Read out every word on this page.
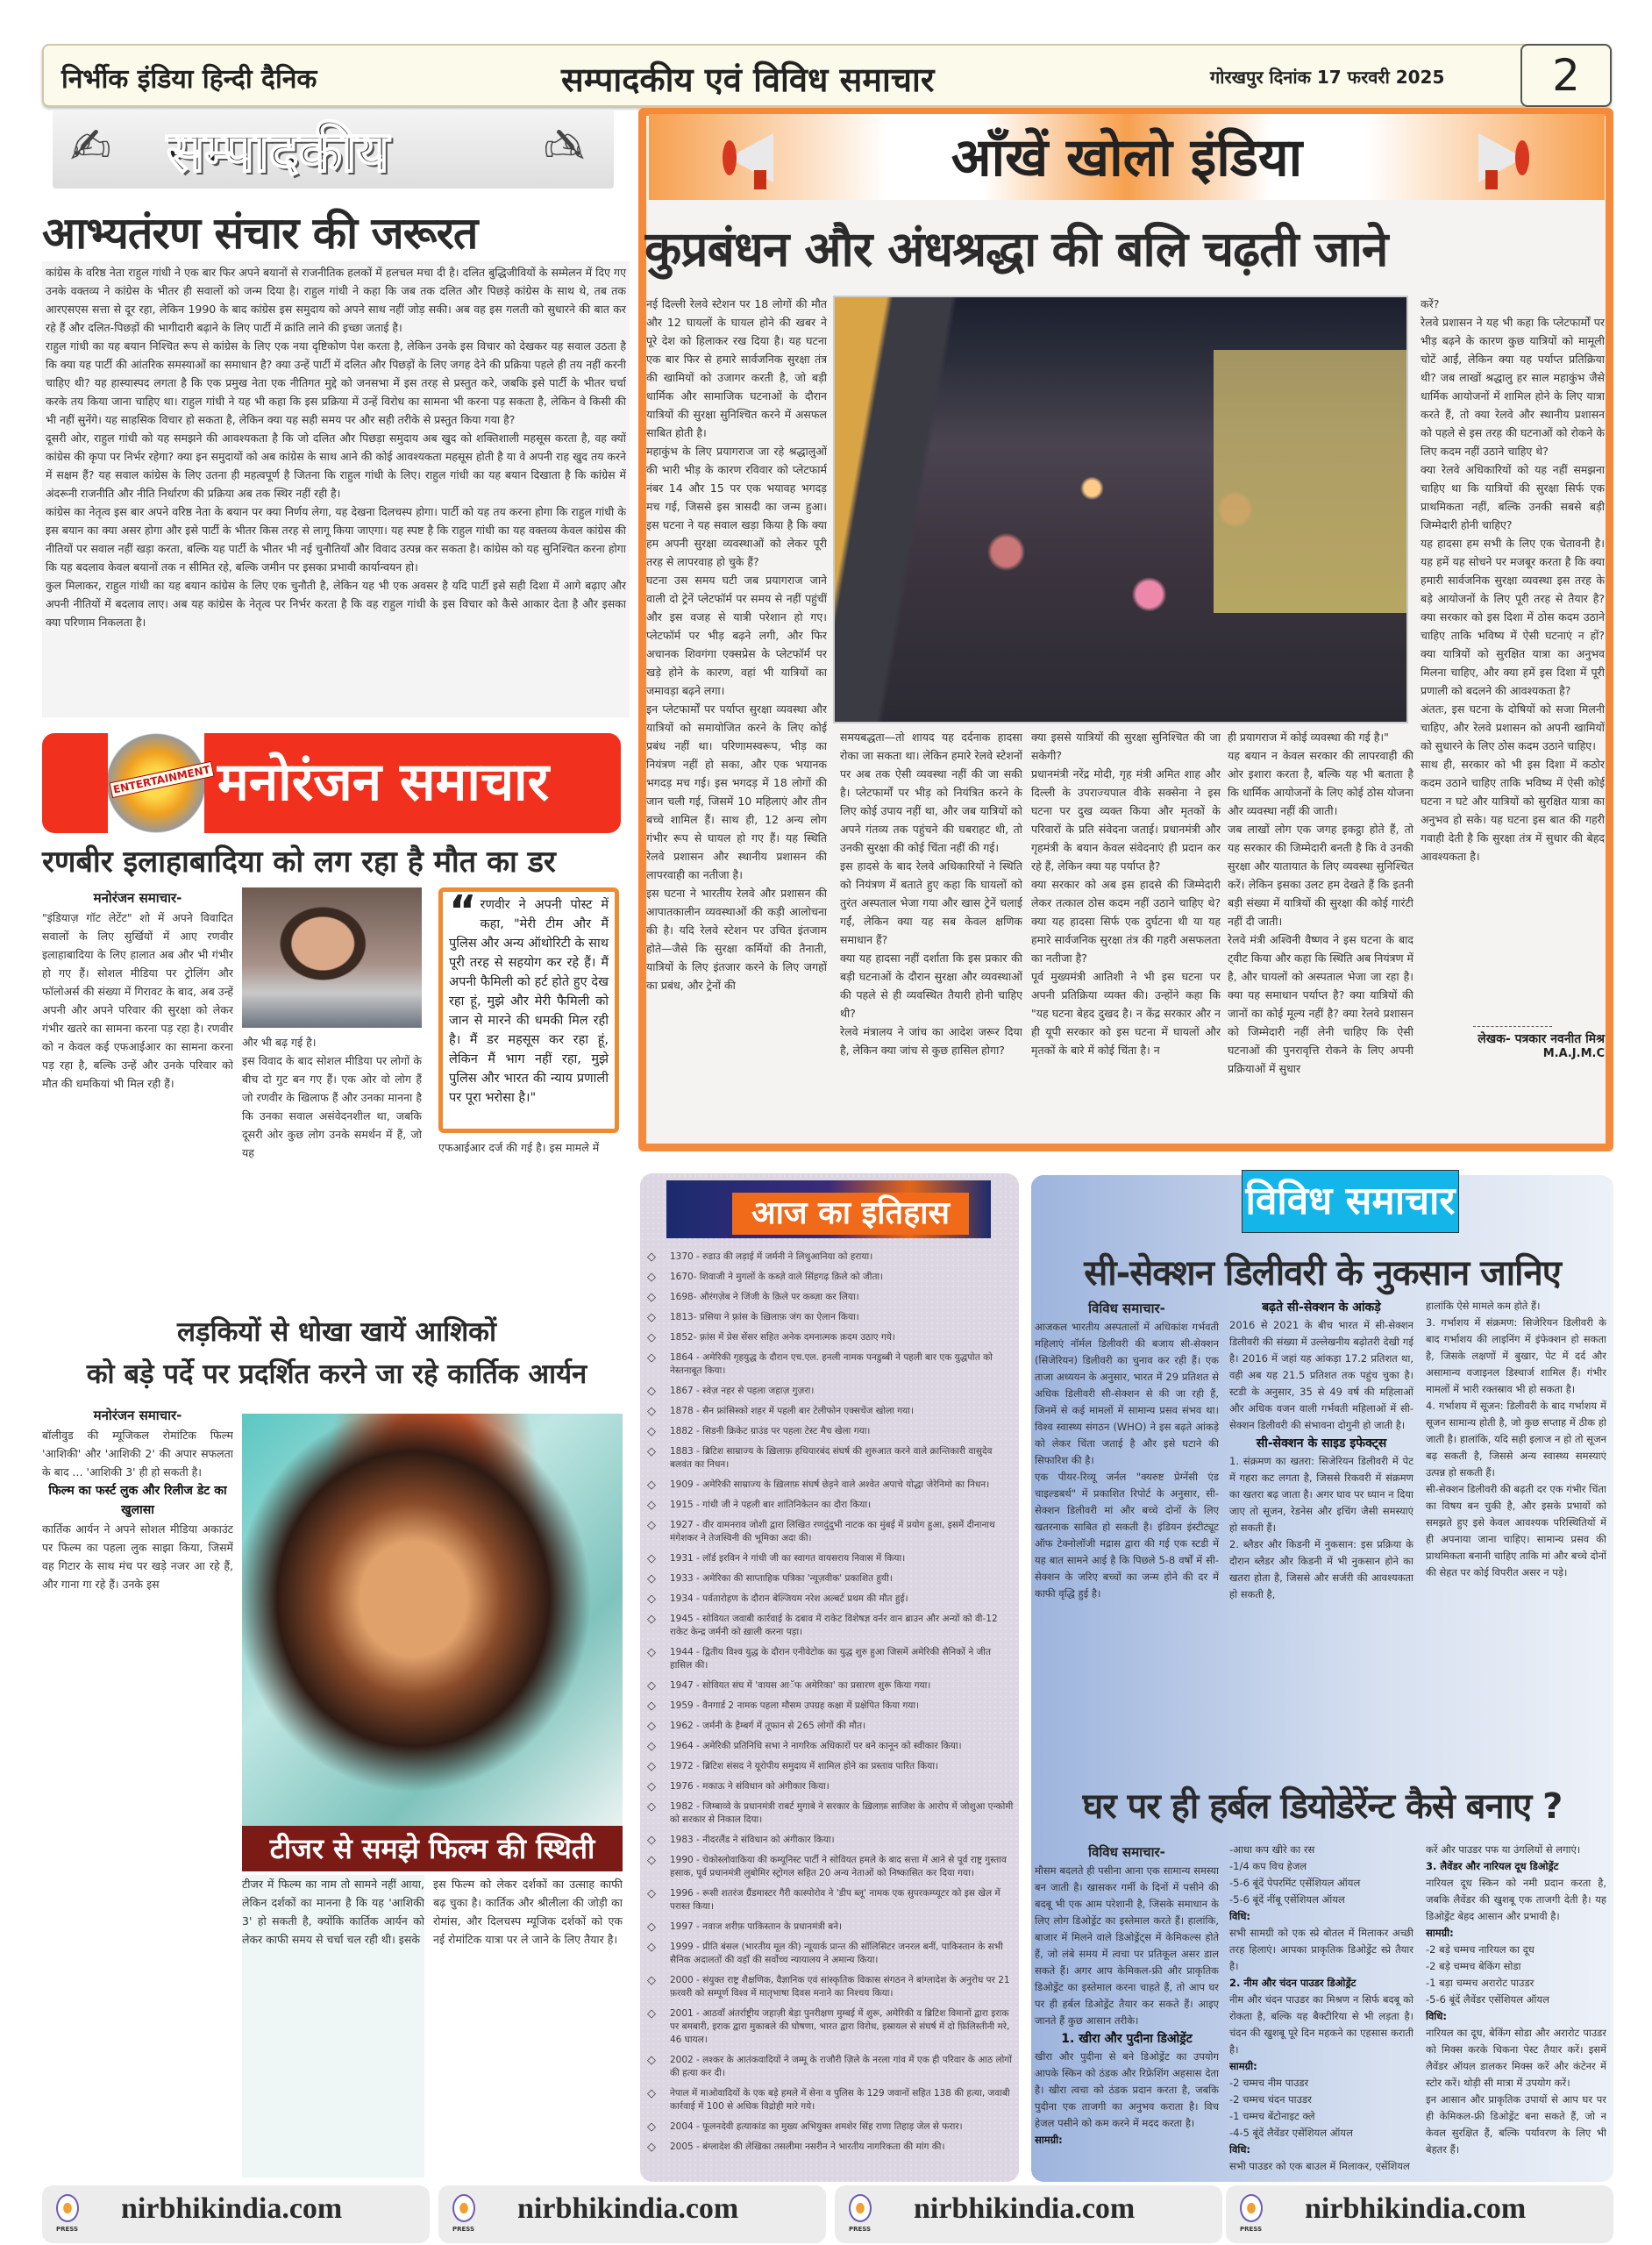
निर्भीक इंडिया हिन्दी दैनिक	सम्पादकीय एवं विविध समाचार	गोरखपुर दिनांक 17 फरवरी 2025	2
✍ सम्पादकीय	✍
आभ्यतंरण संचार की जरूरत

कांग्रेस के वरिष्ठ नेता राहुल गांधी ने एक बार फिर अपने बयानों से राजनीतिक हलकों में हलचल मचा दी है। दलित बुद्धिजीवियों के सम्मेलन में दिए गए उनके वक्तव्य ने कांग्रेस के भीतर ही सवालों को जन्म दिया है। राहुल गांधी ने कहा कि जब तक दलित और पिछड़े कांग्रेस के साथ थे, तब तक आरएसएस सत्ता से दूर रहा, लेकिन 1990 के बाद कांग्रेस इस समुदाय को अपने साथ नहीं जोड़ सकी। अब वह इस गलती को सुधारने की बात कर रहे हैं और दलित-पिछड़ों की भागीदारी बढ़ाने के लिए पार्टी में क्रांति लाने की इच्छा जताई है।

राहुल गांधी का यह बयान निश्चित रूप से कांग्रेस के लिए एक नया दृष्टिकोण पेश करता है, लेकिन उनके इस विचार को देखकर यह सवाल उठता है कि क्या यह पार्टी की आंतरिक समस्याओं का समाधान है? क्या उन्हें पार्टी में दलित और पिछड़ों के लिए जगह देने की प्रक्रिया पहले ही तय नहीं करनी चाहिए थी? यह हास्यास्पद लगता है कि एक प्रमुख नेता एक नीतिगत मुद्दे को जनसभा में इस तरह से प्रस्तुत करे, जबकि इसे पार्टी के भीतर चर्चा करके तय किया जाना चाहिए था। राहुल गांधी ने यह भी कहा कि इस प्रक्रिया में उन्हें विरोध का सामना भी करना पड़ सकता है, लेकिन वे किसी की भी नहीं सुनेंगे। यह साहसिक विचार हो सकता है, लेकिन क्या यह सही समय पर और सही तरीके से प्रस्तुत किया गया है?

दूसरी ओर, राहुल गांधी को यह समझने की आवश्यकता है कि जो दलित और पिछड़ा समुदाय अब खुद को शक्तिशाली महसूस करता है, वह क्यों कांग्रेस की कृपा पर निर्भर रहेगा? क्या इन समुदायों को अब कांग्रेस के साथ आने की कोई आवश्यकता महसूस होती है या वे अपनी राह खुद तय करने में सक्षम हैं? यह सवाल कांग्रेस के लिए उतना ही महत्वपूर्ण है जितना कि राहुल गांधी के लिए। राहुल गांधी का यह बयान दिखाता है कि कांग्रेस में अंदरूनी राजनीति और नीति निर्धारण की प्रक्रिया अब तक स्थिर नहीं रही है।

कांग्रेस का नेतृत्व इस बार अपने वरिष्ठ नेता के बयान पर क्या निर्णय लेगा, यह देखना दिलचस्प होगा। पार्टी को यह तय करना होगा कि राहुल गांधी के इस बयान का क्या असर होगा और इसे पार्टी के भीतर किस तरह से लागू किया जाएगा। यह स्पष्ट है कि राहुल गांधी का यह वक्तव्य केवल कांग्रेस की नीतियों पर सवाल नहीं खड़ा करता, बल्कि यह पार्टी के भीतर भी नई चुनौतियाँ और विवाद उत्पन्न कर सकता है। कांग्रेस को यह सुनिश्चित करना होगा कि यह बदलाव केवल बयानों तक न सीमित रहे, बल्कि जमीन पर इसका प्रभावी कार्यान्वयन हो।

कुल मिलाकर, राहुल गांधी का यह बयान कांग्रेस के लिए एक चुनौती है, लेकिन यह भी एक अवसर है यदि पार्टी इसे सही दिशा में आगे बढ़ाए और अपनी नीतियों में बदलाव लाए। अब यह कांग्रेस के नेतृत्व पर निर्भर करता है कि वह राहुल गांधी के इस विचार को कैसे आकार देता है और इसका क्या परिणाम निकलता है।

ENTERTAINMENT मनोरंजन समाचार
रणबीर इलाहाबादिया को लग रहा है मौत का डर
मनोरंजन समाचार-

"इंडियाज़ गॉट लेटेंट" शो में अपने विवादित सवालों के लिए सुर्खियों में आए रणवीर इलाहाबादिया के लिए हालात अब और भी गंभीर हो गए हैं। सोशल मीडिया पर ट्रोलिंग और फॉलोअर्स की संख्या में गिरावट के बाद, अब उन्हें अपनी और अपने परिवार की सुरक्षा को लेकर गंभीर खतरे का सामना करना पड़ रहा है। रणवीर को न केवल कई एफआईआर का सामना करना पड़ रहा है, बल्कि उन्हें और उनके परिवार को मौत की धमकियां भी मिल रही हैं।

और भी बढ़ गई है।

इस विवाद के बाद सोशल मीडिया पर लोगों के बीच दो गुट बन गए हैं। एक ओर वो लोग हैं जो रणवीर के खिलाफ हैं और उनका मानना है कि उनका सवाल असंवेदनशील था, जबकि दूसरी ओर कुछ लोग उनके समर्थन में हैं, जो यह

“ रणवीर ने अपनी पोस्ट में कहा, "मेरी टीम और मैं पुलिस और अन्य ऑथोरिटी के साथ पूरी तरह से सहयोग कर रहे हैं। मैं अपनी फैमिली को हर्ट होते हुए देख रहा हूं, मुझे और मेरी फैमिली को जान से मारने की धमकी मिल रही है। मैं डर महसूस कर रहा हूं, लेकिन मैं भाग नहीं रहा, मुझे पुलिस और भारत की न्याय प्रणाली पर पूरा भरोसा है।"

एफआईआर दर्ज की गई है। इस मामले में

लड़कियों से धोखा खायें आशिकों
को बड़े पर्दे पर प्रदर्शित करने जा रहे कार्तिक आर्यन
मनोरंजन समाचार-

बॉलीवुड की म्यूजिकल रोमांटिक फिल्म 'आशिकी' और 'आशिकी 2' की अपार सफलता के बाद ... 'आशिकी 3' ही हो सकती है।

फिल्म का फर्स्ट लुक और रिलीज डेट का खुलासा

कार्तिक आर्यन ने अपने सोशल मीडिया अकाउंट पर फिल्म का पहला लुक साझा किया, जिसमें वह गिटार के साथ मंच पर खड़े नजर आ रहे हैं, और गाना गा रहे हैं। उनके इस

टीजर से समझे फिल्म की स्थिती

टीजर में फिल्म का नाम तो सामने नहीं आया, लेकिन दर्शकों का मानना है कि यह 'आशिकी 3' हो सकती है, क्योंकि कार्तिक आर्यन को लेकर काफी समय से चर्चा चल रही थी। इसके

इस फिल्म को लेकर दर्शकों का उत्साह काफी बढ़ चुका है। कार्तिक और श्रीलीला की जोड़ी का रोमांस, और दिलचस्प म्यूजिक दर्शकों को एक नई रोमांटिक यात्रा पर ले जाने के लिए तैयार है।

आँखें खोलो इंडिया
कुप्रबंधन और अंधश्रद्धा की बलि चढ़ती जाने

नई दिल्ली रेलवे स्टेशन पर 18 लोगों की मौत और 12 घायलों के घायल होने की खबर ने पूरे देश को हिलाकर रख दिया है। यह घटना एक बार फिर से हमारे सार्वजनिक सुरक्षा तंत्र की खामियों को उजागर करती है, जो बड़ी धार्मिक और सामाजिक घटनाओं के दौरान यात्रियों की सुरक्षा सुनिश्चित करने में असफल साबित होती है।

महाकुंभ के लिए प्रयागराज जा रहे श्रद्धालुओं की भारी भीड़ के कारण रविवार को प्लेटफार्म नंबर 14 और 15 पर एक भयावह भगदड़ मच गई, जिससे इस त्रासदी का जन्म हुआ। इस घटना ने यह सवाल खड़ा किया है कि क्या हम अपनी सुरक्षा व्यवस्थाओं को लेकर पूरी तरह से लापरवाह हो चुके हैं?

घटना उस समय घटी जब प्रयागराज जाने वाली दो ट्रेनें प्लेटफॉर्म पर समय से नहीं पहुंचीं और इस वजह से यात्री परेशान हो गए। प्लेटफॉर्म पर भीड़ बढ़ने लगी, और फिर अचानक शिवगंगा एक्सप्रेस के प्लेटफॉर्म पर खड़े होने के कारण, वहां भी यात्रियों का जमावड़ा बढ़ने लगा।

इन प्लेटफार्मों पर पर्याप्त सुरक्षा व्यवस्था और यात्रियों को समायोजित करने के लिए कोई प्रबंध नहीं था। परिणामस्वरूप, भीड़ का नियंत्रण नहीं हो सका, और एक भयानक भगदड़ मच गई। इस भगदड़ में 18 लोगों की जान चली गई, जिसमें 10 महिलाएं और तीन बच्चे शामिल हैं। साथ ही, 12 अन्य लोग गंभीर रूप से घायल हो गए हैं। यह स्थिति रेलवे प्रशासन और स्थानीय प्रशासन की लापरवाही का नतीजा है।

इस घटना ने भारतीय रेलवे और प्रशासन की आपातकालीन व्यवस्थाओं की कड़ी आलोचना की है। यदि रेलवे स्टेशन पर उचित इंतजाम होते—जैसे कि सुरक्षा कर्मियों की तैनाती, यात्रियों के लिए इंतजार करने के लिए जगहों का प्रबंध, और ट्रेनों की

समयबद्धता—तो शायद यह दर्दनाक हादसा रोका जा सकता था। लेकिन हमारे रेलवे स्टेशनों पर अब तक ऐसी व्यवस्था नहीं की जा सकी है। प्लेटफार्मों पर भीड़ को नियंत्रित करने के लिए कोई उपाय नहीं था, और जब यात्रियों को अपने गंतव्य तक पहुंचने की घबराहट थी, तो उनकी सुरक्षा की कोई चिंता नहीं की गई।

इस हादसे के बाद रेलवे अधिकारियों ने स्थिति को नियंत्रण में बताते हुए कहा कि घायलों को तुरंत अस्पताल भेजा गया और खास ट्रेनें चलाई गईं, लेकिन क्या यह सब केवल क्षणिक समाधान हैं?

क्या यह हादसा नहीं दर्शाता कि इस प्रकार की बड़ी घटनाओं के दौरान सुरक्षा और व्यवस्थाओं की पहले से ही व्यवस्थित तैयारी होनी चाहिए थी?

रेलवे मंत्रालय ने जांच का आदेश जरूर दिया है, लेकिन क्या जांच से कुछ हासिल होगा?

क्या इससे यात्रियों की सुरक्षा सुनिश्चित की जा सकेगी?

प्रधानमंत्री नरेंद्र मोदी, गृह मंत्री अमित शाह और दिल्ली के उपराज्यपाल वीके सक्सेना ने इस घटना पर दुख व्यक्त किया और मृतकों के परिवारों के प्रति संवेदना जताई। प्रधानमंत्री और गृहमंत्री के बयान केवल संवेदनाएं ही प्रदान कर रहे हैं, लेकिन क्या यह पर्याप्त है?

क्या सरकार को अब इस हादसे की जिम्मेदारी लेकर तत्काल ठोस कदम नहीं उठाने चाहिए थे? क्या यह हादसा सिर्फ एक दुर्घटना थी या यह हमारे सार्वजनिक सुरक्षा तंत्र की गहरी असफलता का नतीजा है?

पूर्व मुख्यमंत्री आतिशी ने भी इस घटना पर अपनी प्रतिक्रिया व्यक्त की। उन्होंने कहा कि "यह घटना बेहद दुखद है। न केंद्र सरकार और न ही यूपी सरकार को इस घटना में घायलों और मृतकों के बारे में कोई चिंता है। न

ही प्रयागराज में कोई व्यवस्था की गई है।"

यह बयान न केवल सरकार की लापरवाही की ओर इशारा करता है, बल्कि यह भी बताता है कि धार्मिक आयोजनों के लिए कोई ठोस योजना और व्यवस्था नहीं की जाती।

जब लाखों लोग एक जगह इकट्ठा होते हैं, तो यह सरकार की जिम्मेदारी बनती है कि वे उनकी सुरक्षा और यातायात के लिए व्यवस्था सुनिश्चित करें। लेकिन इसका उलट हम देखते हैं कि इतनी बड़ी संख्या में यात्रियों की सुरक्षा की कोई गारंटी नहीं दी जाती।

रेलवे मंत्री अश्विनी वैष्णव ने इस घटना के बाद ट्वीट किया और कहा कि स्थिति अब नियंत्रण में है, और घायलों को अस्पताल भेजा जा रहा है। क्या यह समाधान पर्याप्त है? क्या यात्रियों की जानों का कोई मूल्य नहीं है? क्या रेलवे प्रशासन को जिम्मेदारी नहीं लेनी चाहिए कि ऐसी घटनाओं की पुनरावृत्ति रोकने के लिए अपनी प्रक्रियाओं में सुधार

करें?

रेलवे प्रशासन ने यह भी कहा कि प्लेटफार्मों पर भीड़ बढ़ने के कारण कुछ यात्रियों को मामूली चोटें आईं, लेकिन क्या यह पर्याप्त प्रतिक्रिया थी? जब लाखों श्रद्धालु हर साल महाकुंभ जैसे धार्मिक आयोजनों में शामिल होने के लिए यात्रा करते हैं, तो क्या रेलवे और स्थानीय प्रशासन को पहले से इस तरह की घटनाओं को रोकने के लिए कदम नहीं उठाने चाहिए थे?

क्या रेलवे अधिकारियों को यह नहीं समझना चाहिए था कि यात्रियों की सुरक्षा सिर्फ एक प्राथमिकता नहीं, बल्कि उनकी सबसे बड़ी जिम्मेदारी होनी चाहिए?

यह हादसा हम सभी के लिए एक चेतावनी है। यह हमें यह सोचने पर मजबूर करता है कि क्या हमारी सार्वजनिक सुरक्षा व्यवस्था इस तरह के बड़े आयोजनों के लिए पूरी तरह से तैयार है? क्या सरकार को इस दिशा में ठोस कदम उठाने चाहिए ताकि भविष्य में ऐसी घटनाएं न हों? क्या यात्रियों को सुरक्षित यात्रा का अनुभव मिलना चाहिए, और क्या हमें इस दिशा में पूरी प्रणाली को बदलने की आवश्यकता है?

अंततः, इस घटना के दोषियों को सजा मिलनी चाहिए, और रेलवे प्रशासन को अपनी खामियों को सुधारने के लिए ठोस कदम उठाने चाहिए।

साथ ही, सरकार को भी इस दिशा में कठोर कदम उठाने चाहिए ताकि भविष्य में ऐसी कोई घटना न घटे और यात्रियों को सुरक्षित यात्रा का अनुभव हो सके। यह घटना इस बात की गहरी गवाही देती है कि सुरक्षा तंत्र में सुधार की बेहद आवश्यकता है।

लेखक- पत्रकार नवनीत मिश्र
M.A.J.M.C
आज का इतिहास
◇ 1370 - रुडाउ की लड़ाई में जर्मनी ने लिथुआनिया को हराया।
◇ 1670- शिवाजी ने मुगलों के कब्ज़े वाले सिंहगढ़ क़िले को जीता।
◇ 1698- औरंगज़ेब ने जिंजी के क़िले पर कब्ज़ा कर लिया।
◇ 1813- प्रसिया ने फ़्रांस के ख़िलाफ़ जंग का ऐलान किया।
◇ 1852- फ़्रांस में प्रेस सेंसर सहित अनेक दमनात्मक क़दम उठाए गये।
◇ 1864 - अमेरिकी गृहयुद्ध के दौरान एच.एल. हनली नामक पनडुब्बी ने पहली बार एक युद्धपोत को नेस्तनाबूत किया।
◇ 1867 - स्वेज़ नहर से पहला जहाज़ गुज़रा।
◇ 1878 - सैन फ्रांसिस्को शहर में पहली बार टेलीफोन एक्सचेंज खोला गया।
◇ 1882 - सिडनी क्रिकेट ग्राउंड पर पहला टेस्ट मैच खेला गया।
◇ 1883 - ब्रिटिश साम्राज्य के ख़िलाफ़ हथियारबंद संघर्ष की शुरुआत करने वाले क्रान्तिकारी वासुदेव बलवंत का निधन।
◇ 1909 - अमेरिकी साम्राज्य के ख़िलाफ़ संघर्ष छेड़ने वाले अश्वेत अपाचे योद्धा जेरेनिमो का निधन।
◇ 1915 - गांधी जी ने पहली बार शांतिनिकेतन का दौरा किया।
◇ 1927 - वीर वामनराव जोशी द्वारा लिखित रणदुंदुभी नाटक का मुंबई में प्रयोग हुआ, इसमें दीनानाथ मंगेशकर ने तेजस्विनी की भूमिका अदा की।
◇ 1931 - लॉर्ड इरविन ने गांधी जी का स्वागत वायसराय निवास में किया।
◇ 1933 - अमेरिका की साप्ताहिक पत्रिका 'न्यूज़वीक' प्रकाशित हुयी।
◇ 1934 - पर्वतारोहण के दौरान बेल्जियम नरेश अल्बर्ट प्रथम की मौत हुई।
◇ 1945 - सोवियत जवाबी कार्रवाई के दबाव में राकेट विशेषज्ञ वर्नर वान ब्राउन और अन्यों को वी-12 राकेट केन्द्र जर्मनी को ख़ाली करना पड़ा।
◇ 1944 - द्वितीय विश्व युद्ध के दौरान एनीवेटोक का युद्ध शुरु हुआ जिसमें अमेरिकी सैनिकाें ने जीत हासिल की।
◇ 1947 - सोवियत संघ में 'वायस आॅफ अमेरिका' का प्रसारण शुरू किया गया।
◇ 1959 - वैनगार्ड 2 नामक पहला मौसम उपग्रह कक्षा में प्रक्षेपित किया गया।
◇ 1962 - जर्मनी के हैम्बर्ग में तूफान से 265 लोगों की मौत।
◇ 1964 - अमेरिकी प्रतिनिधि सभा ने नागरिक अधिकारों पर बने कानून को स्वीकार किया।
◇ 1972 - ब्रिटिश संसद ने यूरोपीय समुदाय में शामिल होने का प्रस्ताव पारित किया।
◇ 1976 - मकाऊ ने संविधान को अंगीकार किया।
◇ 1982 - जिम्बाव्वे के प्रधानमंत्री राबर्ट मुगाबे ने सरकार के ख़िलाफ़ साजिश के आरोप में जोशुआ एन्कोमी को सरकार से निकाल दिया।
◇ 1983 - नीदरलैंड ने संविधान को अंगीकार किया।
◇ 1990 - चेकोस्लोवाकिया की कम्यूनिस्ट पार्टी ने सोवियत हमले के बाद सत्ता में आने से पूर्व राष्ट्र गुस्ताव हसाक, पूर्व प्रधानमंत्री लुबोमिर स्ट्रोगल सहित 20 अन्य नेताओं को निष्कासित कर दिया गया।
◇ 1996 - रूसी शतरंज ग्रैंडमास्टर गैरी कास्पोरोव ने 'डीप ब्लू' नामक एक सुपरकम्प्यूटर को इस खेल में परास्त किया।
◇ 1997 - नवाज शरीफ़ पाकिस्तान के प्रधानमंत्री बने।
◇ 1999 - प्रीति बंसल (भारतीय मूल की) न्यूयार्क प्रान्त की सॉलिसिटर जनरल बनीं, पाकिस्तान के सभी सैनिक अदालतों की वहाँ की सर्वोच्च न्यायालय ने अमान्य किया।
◇ 2000 - संयुक्त राष्ट्र शैक्षणिक, वैज्ञानिक एवं सांस्कृतिक विकास संगठन ने बांग्लादेश के अनुरोध पर 21 फ़रवरी को सम्पूर्ण विश्व में मातृभाषा दिवस मनाने का निश्चय किया।
◇ 2001 - आठवाँ अंतर्राष्ट्रीय जहाज़ी बेड़ा पुनरीक्षण मुम्बई में शुरू, अमेरिकी व ब्रिटिश विमानों द्वारा इराक पर बमबारी, इराक द्वारा मुकाबले की घोषणा, भारत द्वारा विरोध, इस्रायल से संघर्ष में दो फ़िलिस्तीनी मरे, 46 घायल।
◇ 2002 - लश्कर के आतंकवादियों ने जम्मू के राजौरी ज़िले के नरला गांव में एक ही परिवार के आठ लोगों की हत्या कर दी।
◇ नेपाल में माओवादियों के एक बड़े हमले में सेना व पुलिस के 129 जवानों सहित 138 की हत्या, जवाबी कार्रवाई में 100 से अधिक विद्रोही मारे गये।
◇ 2004 - फूलनदेवी हत्याकांड का मुख्य अभियुक्त शमशेर सिंह राणा तिहाड़ जेल से फरार।
◇ 2005 - बंग्लादेश की लेखिका तसलीमा नसरीन ने भारतीय नागरिकता की मांग की।
विविध समाचार
सी-सेक्शन डिलीवरी के नुकसान जानिए
विविध समाचार-

आजकल भारतीय अस्पतालों में अधिकांश गर्भवती महिलाएं नॉर्मल डिलीवरी की बजाय सी-सेक्शन (सिजेरियन) डिलीवरी का चुनाव कर रही हैं। एक ताजा अध्ययन के अनुसार, भारत में 29 प्रतिशत से अधिक डिलीवरी सी-सेक्शन से की जा रही हैं, जिनमें से कई मामलों में सामान्य प्रसव संभव था। विश्व स्वास्थ्य संगठन (WHO) ने इस बढ़ते आंकड़े को लेकर चिंता जताई है और इसे घटाने की सिफारिश की है।

एक पीयर-रिव्यू जर्नल "क्यरुष्ट प्रेग्नेंसी एंड चाइल्डबर्थ" में प्रकाशित रिपोर्ट के अनुसार, सी-सेक्शन डिलीवरी मां और बच्चे दोनों के लिए खतरनाक साबित हो सकती है। इंडियन इंस्टीट्यूट ऑफ टेक्नोलॉजी मद्रास द्वारा की गई एक स्टडी में यह बात सामने आई है कि पिछले 5-8 वर्षों में सी-सेक्शन के जरिए बच्चों का जन्म होने की दर में काफी वृद्धि हुई है।

बढ़ते सी-सेक्शन के आंकड़े

2016 से 2021 के बीच भारत में सी-सेक्शन डिलीवरी की संख्या में उल्लेखनीय बढ़ोतरी देखी गई है। 2016 में जहां यह आंकड़ा 17.2 प्रतिशत था, वही अब यह 21.5 प्रतिशत तक पहुंच चुका है। स्टडी के अनुसार, 35 से 49 वर्ष की महिलाओं और अधिक वजन वाली गर्भवती महिलाओं में सी-सेक्शन डिलीवरी की संभावना दोगुनी हो जाती है।

सी-सेक्शन के साइड इफेक्ट्स

1. संक्रमण का खतरा: सिजेरियन डिलीवरी में पेट में गहरा कट लगता है, जिससे रिकवरी में संक्रमण का खतरा बढ़ जाता है। अगर घाव पर ध्यान न दिया जाए तो सूजन, रेडनेस और इचिंग जैसी समस्याएं हो सकती हैं।

2. ब्लैडर और किडनी में नुकसान: इस प्रक्रिया के दौरान ब्लैडर और किडनी में भी नुकसान होने का खतरा होता है, जिससे और सर्जरी की आवश्यकता हो सकती है,

हालांकि ऐसे मामले कम होते हैं।

3. गर्भाशय में संक्रमण: सिजेरियन डिलीवरी के बाद गर्भाशय की लाइनिंग में इंफेक्शन हो सकता है, जिसके लक्षणों में बुखार, पेट में दर्द और असामान्य वजाइनल डिस्चार्ज शामिल हैं। गंभीर मामलों में भारी रक्तस्राव भी हो सकता है।

4. गर्भाशय में सूजन: डिलीवरी के बाद गर्भाशय में सूजन सामान्य होती है, जो कुछ सप्ताह में ठीक हो जाती है। हालांकि, यदि सही इलाज न हो तो सूजन बढ़ सकती है, जिससे अन्य स्वास्थ्य समस्याएं उत्पन्न हो सकती हैं।

सी-सेक्शन डिलीवरी की बढ़ती दर एक गंभीर चिंता का विषय बन चुकी है, और इसके प्रभावों को समझते हुए इसे केवल आवश्यक परिस्थितियों में ही अपनाया जाना चाहिए। सामान्य प्रसव की प्राथमिकता बनानी चाहिए ताकि मां और बच्चे दोनों की सेहत पर कोई विपरीत असर न पड़े।

घर पर ही हर्बल डियोडेरेंन्ट कैसे बनाए ?
विविध समाचार-

मौसम बदलते ही पसीना आना एक सामान्य समस्या बन जाती है। खासकर गर्मी के दिनों में पसीने की बदबू भी एक आम परेशानी है, जिसके समाधान के लिए लोग डिओड्रेंट का इस्तेमाल करते हैं। हालांकि, बाजार में मिलने वाले डिओड्रेंट्स में केमिकल्स होते हैं, जो लंबे समय में त्वचा पर प्रतिकूल असर डाल सकते हैं। अगर आप केमिकल-फ्री और प्राकृतिक डिओड्रेंट का इस्तेमाल करना चाहते हैं, तो आप घर पर ही हर्बल डिओड्रेंट तैयार कर सकते हैं। आइए जानते हैं कुछ आसान तरीके।

1. खीरा और पुदीना डिओड्रेंट

खीरा और पुदीना से बने डिओड्रेंट का उपयोग आपके स्किन को ठंडक और रिफ्रेशिंग अहसास देता है। खीरा त्वचा को ठंडक प्रदान करता है, जबकि पुदीना एक ताजगी का अनुभव कराता है। विच हेजल पसीने को कम करने में मदद करता है।

सामग्री:

-आधा कप खीरे का रस

-1/4 कप विच हेजल

-5-6 बूंदें पेपरमिंट एसेंशियल ऑयल

-5-6 बूंदें नींबू एसेंशियल ऑयल

विधि:
सभी सामग्री को एक स्प्रे बोतल में मिलाकर अच्छी तरह हिलाएं। आपका प्राकृतिक डिओड्रेंट स्प्रे तैयार है।
2. नीम और चंदन पाउडर डिओड्रेंट
नीम और चंदन पाउडर का मिश्रण न सिर्फ बदबू को रोकता है, बल्कि यह बैक्टीरिया से भी लड़ता है। चंदन की खुशबू पूरे दिन महकने का एहसास कराती है।
सामग्री:

-2 चम्मच नीम पाउडर

-2 चम्मच चंदन पाउडर

-1 चम्मच बेंटोनाइट क्ले

-4-5 बूंदें लैवेंडर एसेंशियल ऑयल

विधि:
सभी पाउडर को एक बाउल में मिलाकर, एसेंशियल
करें और पाउडर पफ या उंगलियों से लगाएं।
3. लैवेंडर और नारियल दूध डिओड्रेंट
नारियल दूध स्किन को नमी प्रदान करता है, जबकि लैवेंडर की खुशबू एक ताजगी देती है। यह डिओड्रेंट बेहद आसान और प्रभावी है।
सामग्री:

-2 बड़े चम्मच नारियल का दूध

-2 बड़े चम्मच बेकिंग सोडा

-1 बड़ा चम्मच अरारोट पाउडर

-5-6 बूंदें लैवेंडर एसेंशियल ऑयल

विधि:
नारियल का दूध, बेकिंग सोडा और अरारोट पाउडर को मिक्स करके चिकना पेस्ट तैयार करें। इसमें लैवेंडर ऑयल डालकर मिक्स करें और कंटेनर में स्टोर करें। थोड़ी सी मात्रा में उपयोग करें।
इन आसान और प्राकृतिक उपायों से आप घर पर ही केमिकल-फ्री डिओड्रेंट बना सकते हैं, जो न केवल सुरक्षित हैं, बल्कि पर्यावरण के लिए भी बेहतर हैं।
PRESS
nirbhikindia.com
PRESS
nirbhikindia.com
PRESS
nirbhikindia.com
PRESS
nirbhikindia.com
